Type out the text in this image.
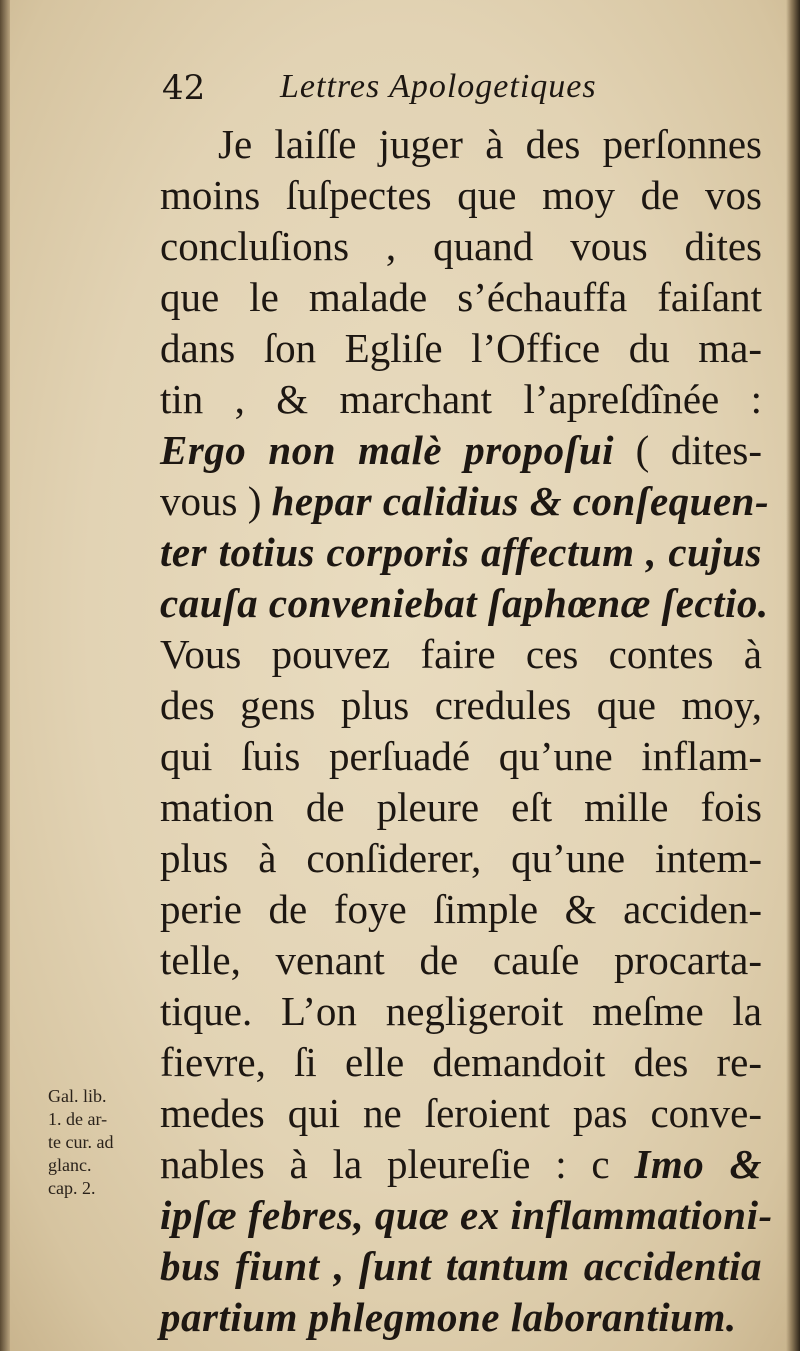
42 Lettres Apologetiques
Je laiſſe juger à des perſonnes
moins ſuſpectes que moy de vos
concluſions , quand vous dites
que le malade s’échauffa faiſant
dans ſon Egliſe l’Office du ma-
tin , & marchant l’apreſdînée :
Ergo non malè propoſui ( dites-
vous ) hepar calidius & conſequen-
ter totius corporis affectum , cujus
cauſa conveniebat ſaphœnæ ſectio.
Vous pouvez faire ces contes à
des gens plus credules que moy,
qui ſuis perſuadé qu’une inflam-
mation de pleure eſt mille fois
plus à conſiderer, qu’une intem-
perie de foye ſimple & acciden-
telle, venant de cauſe procarta-
tique. L’on negligeroit meſme la
fievre, ſi elle demandoit des re-
medes qui ne ſeroient pas conve-
nables à la pleureſie : c Imo &
ipſæ febres, quæ ex inflammationi-
bus fiunt , ſunt tantum accidentia
partium phlegmone laborantium.
Gal. lib.
1. de ar-
te cur. ad
glanc.
cap. 2.
